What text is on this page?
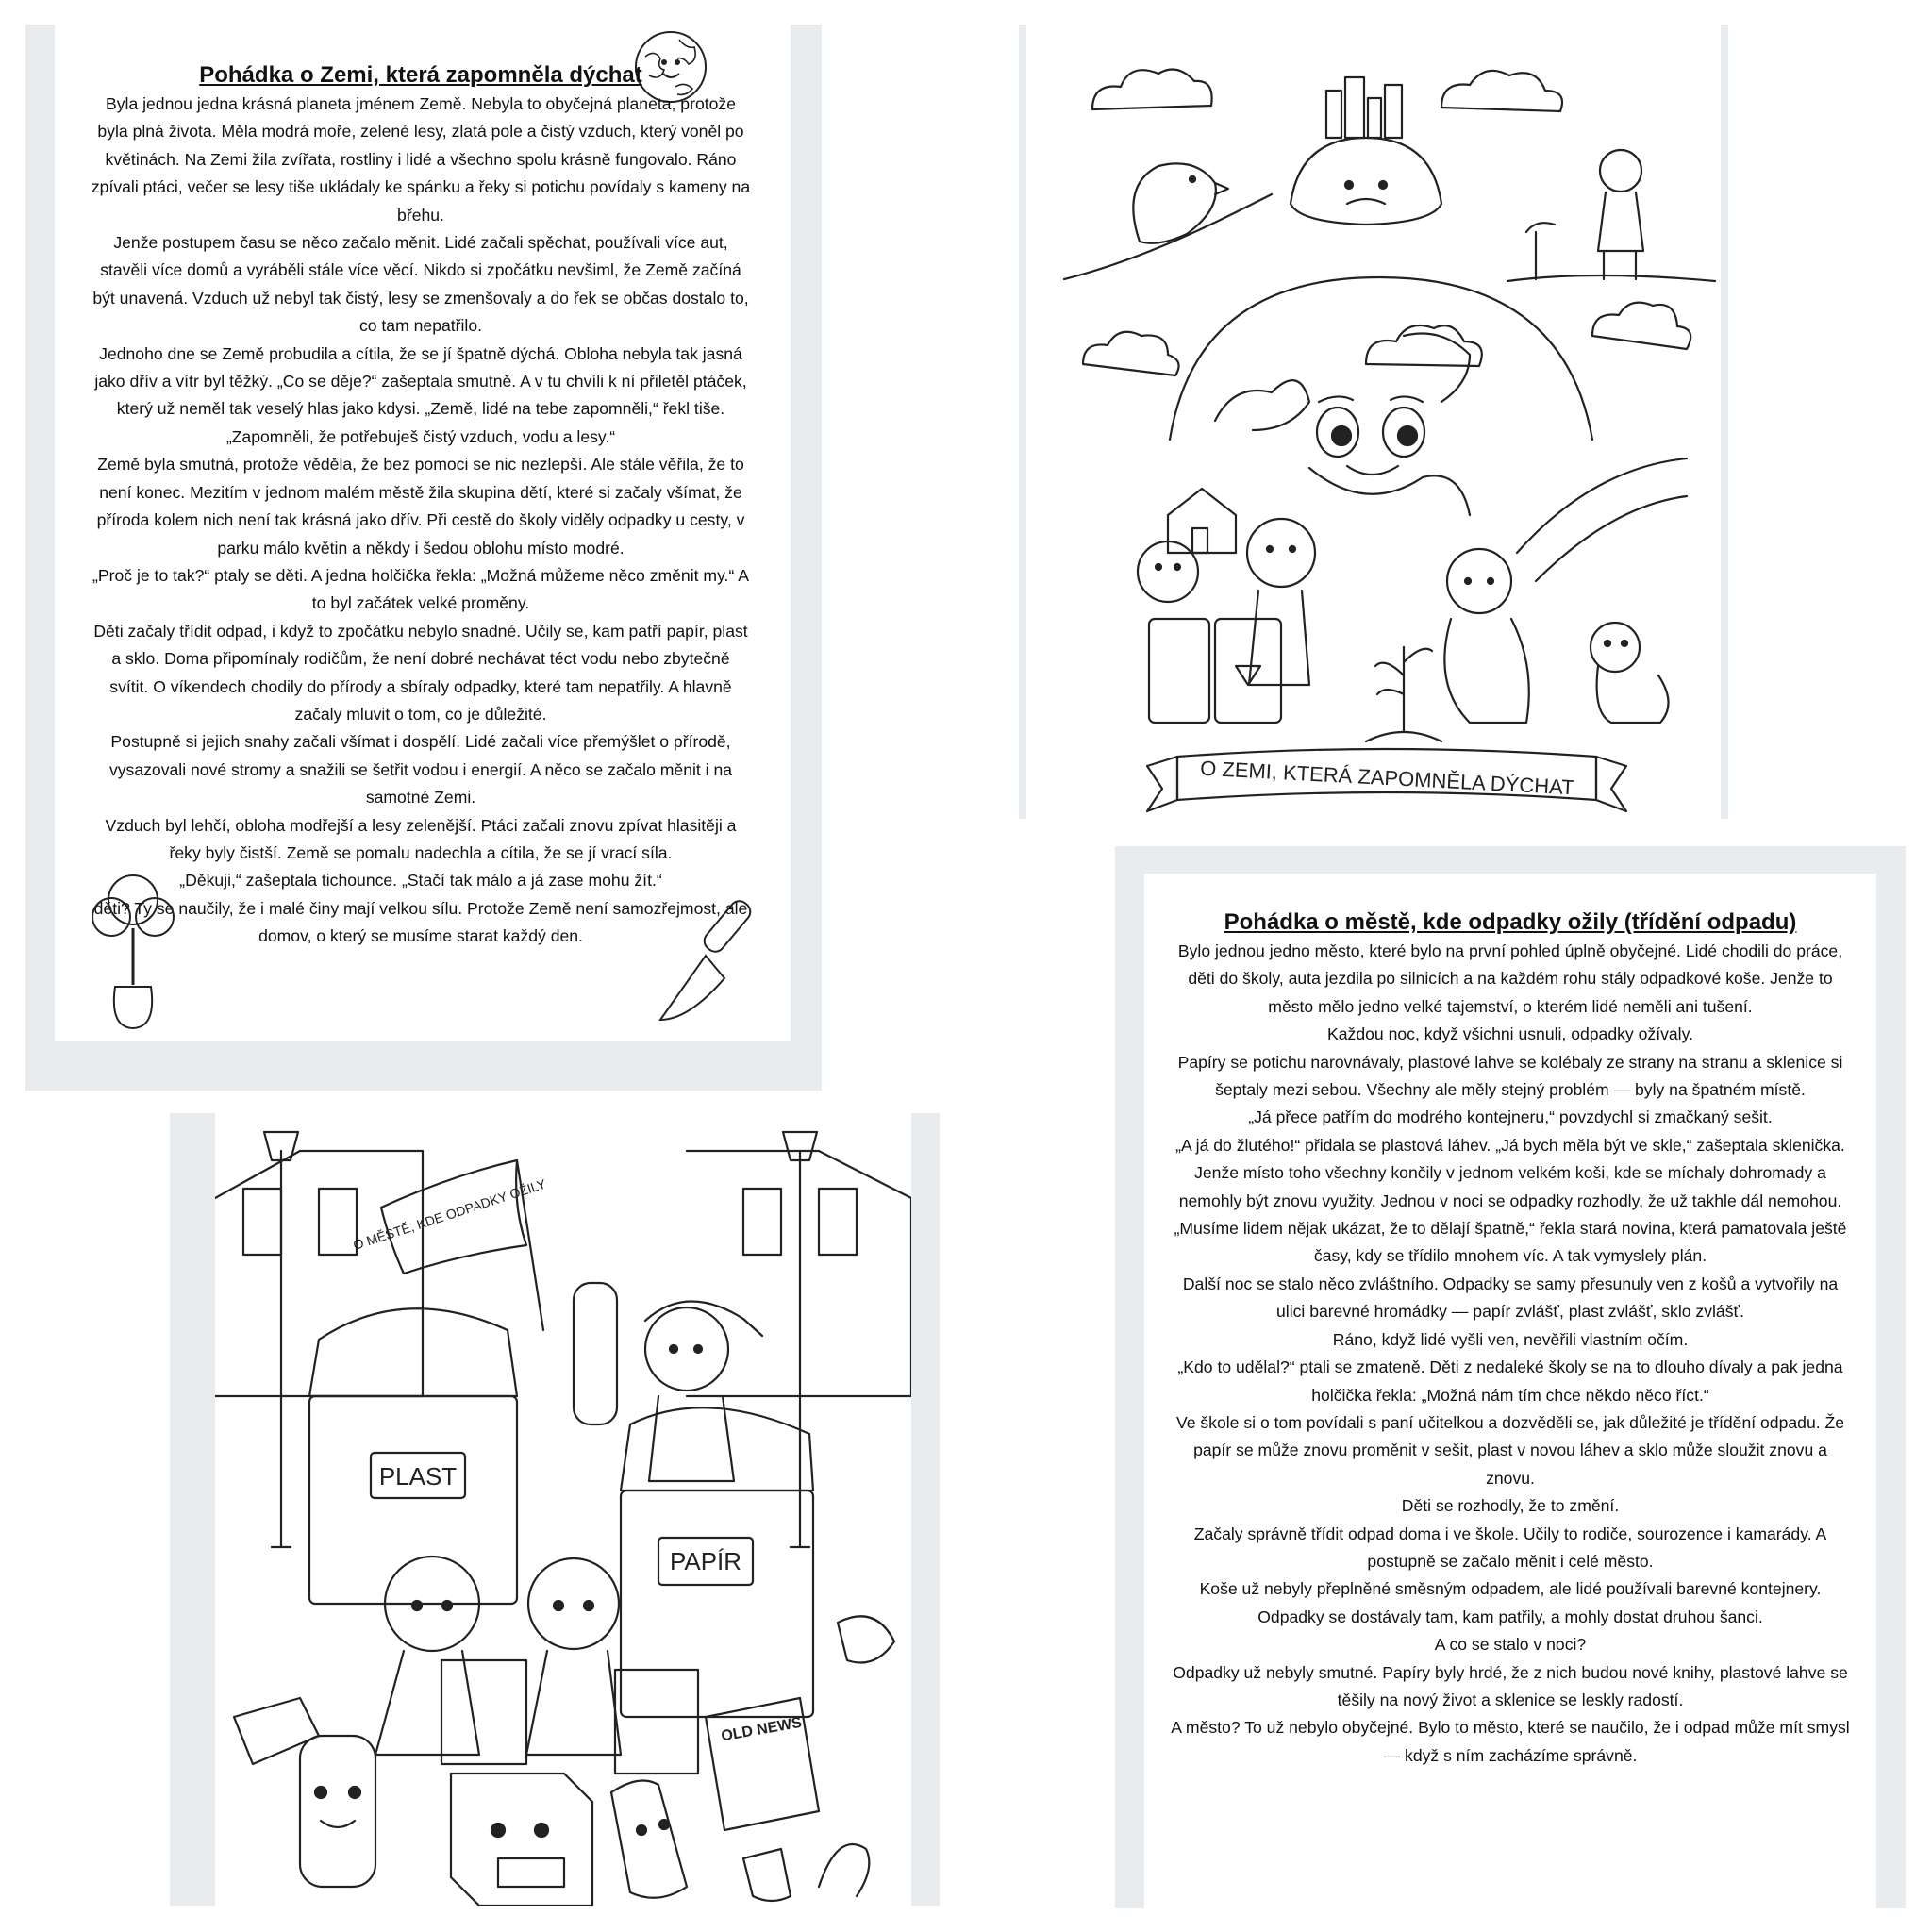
Pohádka o Zemi, která zapomněla dýchat

Byla jednou jedna krásná planeta jménem Země. Nebyla to obyčejná planeta, protože byla plná života. Měla modrá moře, zelené lesy, zlatá pole a čistý vzduch, který voněl po květinách. Na Zemi žila zvířata, rostliny i lidé a všechno spolu krásně fungovalo. Ráno zpívali ptáci, večer se lesy tiše ukládaly ke spánku a řeky si potichu povídaly s kameny na břehu.

Jenže postupem času se něco začalo měnit. Lidé začali spěchat, používali více aut, stavěli více domů a vyráběli stále více věcí. Nikdo si zpočátku nevšiml, že Země začíná být unavená. Vzduch už nebyl tak čistý, lesy se zmenšovaly a do řek se občas dostalo to, co tam nepatřilo.

Jednoho dne se Země probudila a cítila, že se jí špatně dýchá. Obloha nebyla tak jasná jako dřív a vítr byl těžký. „Co se děje?“ zašeptala smutně. A v tu chvíli k ní přiletěl ptáček, který už neměl tak veselý hlas jako kdysi. „Země, lidé na tebe zapomněli,“ řekl tiše. „Zapomněli, že potřebuješ čistý vzduch, vodu a lesy.“

Země byla smutná, protože věděla, že bez pomoci se nic nezlepší. Ale stále věřila, že to není konec. Mezitím v jednom malém městě žila skupina dětí, které si začaly všímat, že příroda kolem nich není tak krásná jako dřív. Při cestě do školy viděly odpadky u cesty, v parku málo květin a někdy i šedou oblohu místo modré.

„Proč je to tak?“ ptaly se děti. A jedna holčička řekla: „Možná můžeme něco změnit my.“ A to byl začátek velké proměny.

Děti začaly třídit odpad, i když to zpočátku nebylo snadné. Učily se, kam patří papír, plast a sklo. Doma připomínaly rodičům, že není dobré nechávat téct vodu nebo zbytečně svítit. O víkendech chodily do přírody a sbíraly odpadky, které tam nepatřily. A hlavně začaly mluvit o tom, co je důležité.

Postupně si jejich snahy začali všímat i dospělí. Lidé začali více přemýšlet o přírodě, vysazovali nové stromy a snažili se šetřit vodou i energií. A něco se začalo měnit i na samotné Zemi.

Vzduch byl lehčí, obloha modřejší a lesy zelenější. Ptáci začali znovu zpívat hlasitěji a řeky byly čistší. Země se pomalu nadechla a cítila, že se jí vrací síla.

„Děkuji,“ zašeptala tichounce. „Stačí tak málo a já zase mohu žít.“

děti? Ty se naučily, že i malé činy mají velkou sílu. Protože Země není samozřejmost, ale domov, o který se musíme starat každý den.

O ZEMI, KTERÁ ZAPOMNĚLA DÝCHAT
O MĚSTĚ, KDE ODPADKY OŽILY
PLAST
PAPÍR
OLD NEWS
Pohádka o městě, kde odpadky ožily (třídění odpadu)

Bylo jednou jedno město, které bylo na první pohled úplně obyčejné. Lidé chodili do práce, děti do školy, auta jezdila po silnicích a na každém rohu stály odpadkové koše. Jenže to město mělo jedno velké tajemství, o kterém lidé neměli ani tušení.

Každou noc, když všichni usnuli, odpadky ožívaly.

Papíry se potichu narovnávaly, plastové lahve se kolébaly ze strany na stranu a sklenice si šeptaly mezi sebou. Všechny ale měly stejný problém — byly na špatném místě.

„Já přece patřím do modrého kontejneru,“ povzdychl si zmačkaný sešit.

„A já do žlutého!“ přidala se plastová láhev. „Já bych měla být ve skle,“ zašeptala sklenička.

Jenže místo toho všechny končily v jednom velkém koši, kde se míchaly dohromady a nemohly být znovu využity. Jednou v noci se odpadky rozhodly, že už takhle dál nemohou. „Musíme lidem nějak ukázat, že to dělají špatně,“ řekla stará novina, která pamatovala ještě časy, kdy se třídilo mnohem víc. A tak vymyslely plán.

Další noc se stalo něco zvláštního. Odpadky se samy přesunuly ven z košů a vytvořily na ulici barevné hromádky — papír zvlášť, plast zvlášť, sklo zvlášť.

Ráno, když lidé vyšli ven, nevěřili vlastním očím.

„Kdo to udělal?“ ptali se zmateně. Děti z nedaleké školy se na to dlouho dívaly a pak jedna holčička řekla: „Možná nám tím chce někdo něco říct.“

Ve škole si o tom povídali s paní učitelkou a dozvěděli se, jak důležité je třídění odpadu. Že papír se může znovu proměnit v sešit, plast v novou láhev a sklo může sloužit znovu a znovu.

Děti se rozhodly, že to změní.

Začaly správně třídit odpad doma i ve škole. Učily to rodiče, sourozence i kamarády. A postupně se začalo měnit i celé město.

Koše už nebyly přeplněné směsným odpadem, ale lidé používali barevné kontejnery. Odpadky se dostávaly tam, kam patřily, a mohly dostat druhou šanci.

A co se stalo v noci?

Odpadky už nebyly smutné. Papíry byly hrdé, že z nich budou nové knihy, plastové lahve se těšily na nový život a sklenice se leskly radostí.

A město? To už nebylo obyčejné. Bylo to město, které se naučilo, že i odpad může mít smysl — když s ním zacházíme správně.
